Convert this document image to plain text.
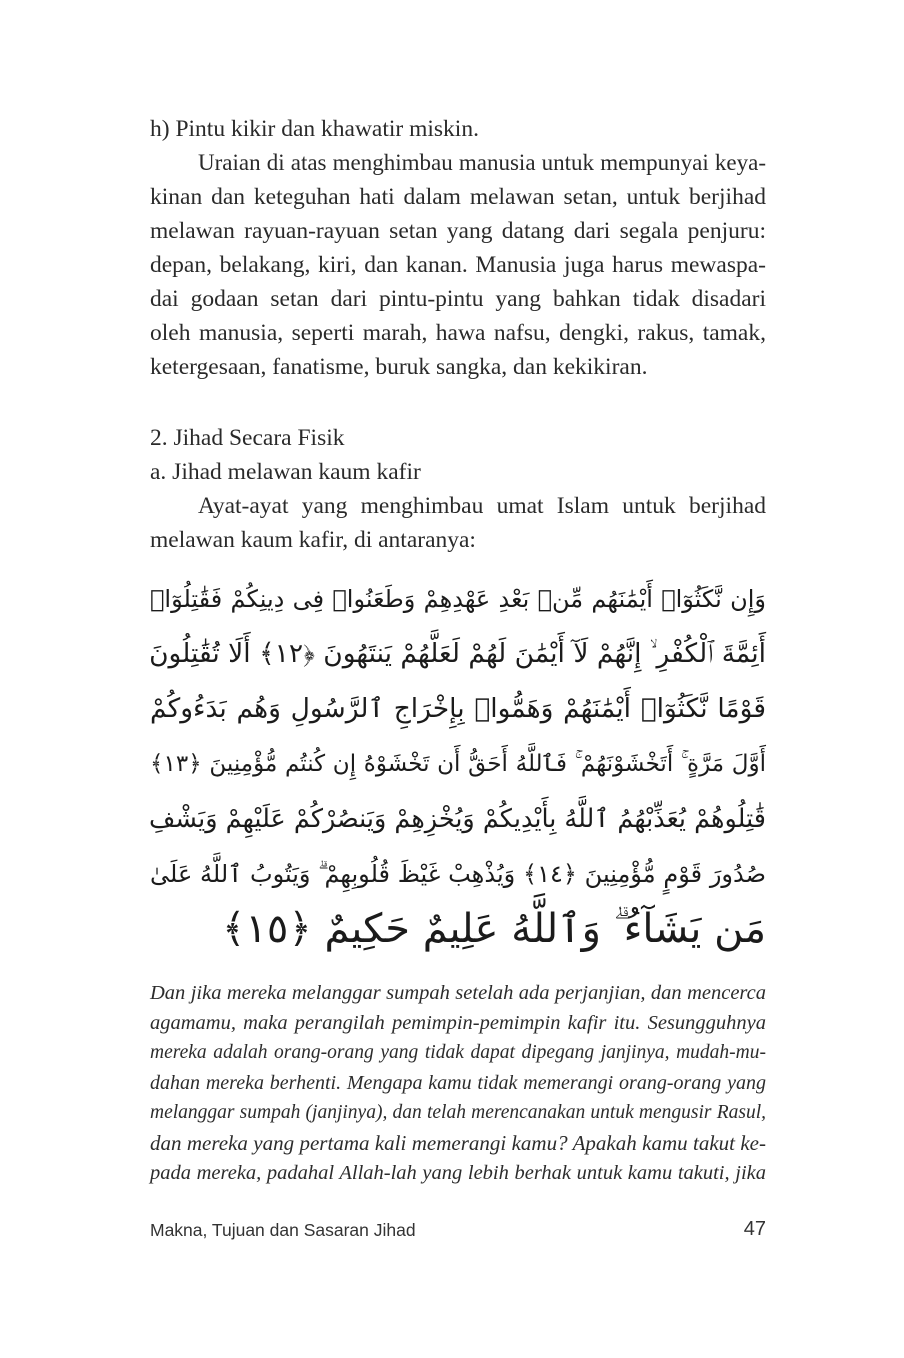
h) Pintu kikir dan khawatir miskin.
Uraian di atas menghimbau manusia untuk mempunyai keya-
kinan dan keteguhan hati dalam melawan setan, untuk berjihad
melawan rayuan-rayuan setan yang datang dari segala penjuru:
depan, belakang, kiri, dan kanan. Manusia juga harus mewaspa-
dai godaan setan dari pintu-pintu yang bahkan tidak disadari
oleh manusia, seperti marah, hawa nafsu, dengki, rakus, tamak,
ketergesaan, fanatisme, buruk sangka, dan kekikiran.
2. Jihad Secara Fisik
a. Jihad melawan kaum kafir
Ayat-ayat yang menghimbau umat Islam untuk berjihad
melawan kaum kafir, di antaranya:
وَإِن نَّكَثُوٓا۟ أَيْمَٰنَهُم مِّنۢ بَعْدِ عَهْدِهِمْ وَطَعَنُوا۟ فِى دِينِكُمْ فَقَٰتِلُوٓا۟
أَئِمَّةَ ٱلْكُفْرِ ۙ إِنَّهُمْ لَآ أَيْمَٰنَ لَهُمْ لَعَلَّهُمْ يَنتَهُونَ ﴿١٢﴾ أَلَا تُقَٰتِلُونَ
قَوْمًا نَّكَثُوٓا۟ أَيْمَٰنَهُمْ وَهَمُّوا۟ بِإِخْرَاجِ ٱلرَّسُولِ وَهُم بَدَءُوكُمْ
أَوَّلَ مَرَّةٍ ۚ أَتَخْشَوْنَهُمْ ۚ فَٱللَّهُ أَحَقُّ أَن تَخْشَوْهُ إِن كُنتُم مُّؤْمِنِينَ ﴿١٣﴾
قَٰتِلُوهُمْ يُعَذِّبْهُمُ ٱللَّهُ بِأَيْدِيكُمْ وَيُخْزِهِمْ وَيَنصُرْكُمْ عَلَيْهِمْ وَيَشْفِ
صُدُورَ قَوْمٍ مُّؤْمِنِينَ ﴿١٤﴾ وَيُذْهِبْ غَيْظَ قُلُوبِهِمْ ۗ وَيَتُوبُ ٱللَّهُ عَلَىٰ
مَن يَشَآءُ ۗ وَٱللَّهُ عَلِيمٌ حَكِيمٌ ﴿١٥﴾
Dan jika mereka melanggar sumpah setelah ada perjanjian, dan mencerca
agamamu, maka perangilah pemimpin-pemimpin kafir itu. Sesungguhnya
mereka adalah orang-orang yang tidak dapat dipegang janjinya, mudah-mu-
dahan mereka berhenti. Mengapa kamu tidak memerangi orang-orang yang
melanggar sumpah (janjinya), dan telah merencanakan untuk mengusir Rasul,
dan mereka yang pertama kali memerangi kamu? Apakah kamu takut ke-
pada mereka, padahal Allah-lah yang lebih berhak untuk kamu takuti, jika
Makna, Tujuan dan Sasaran Jihad	47
